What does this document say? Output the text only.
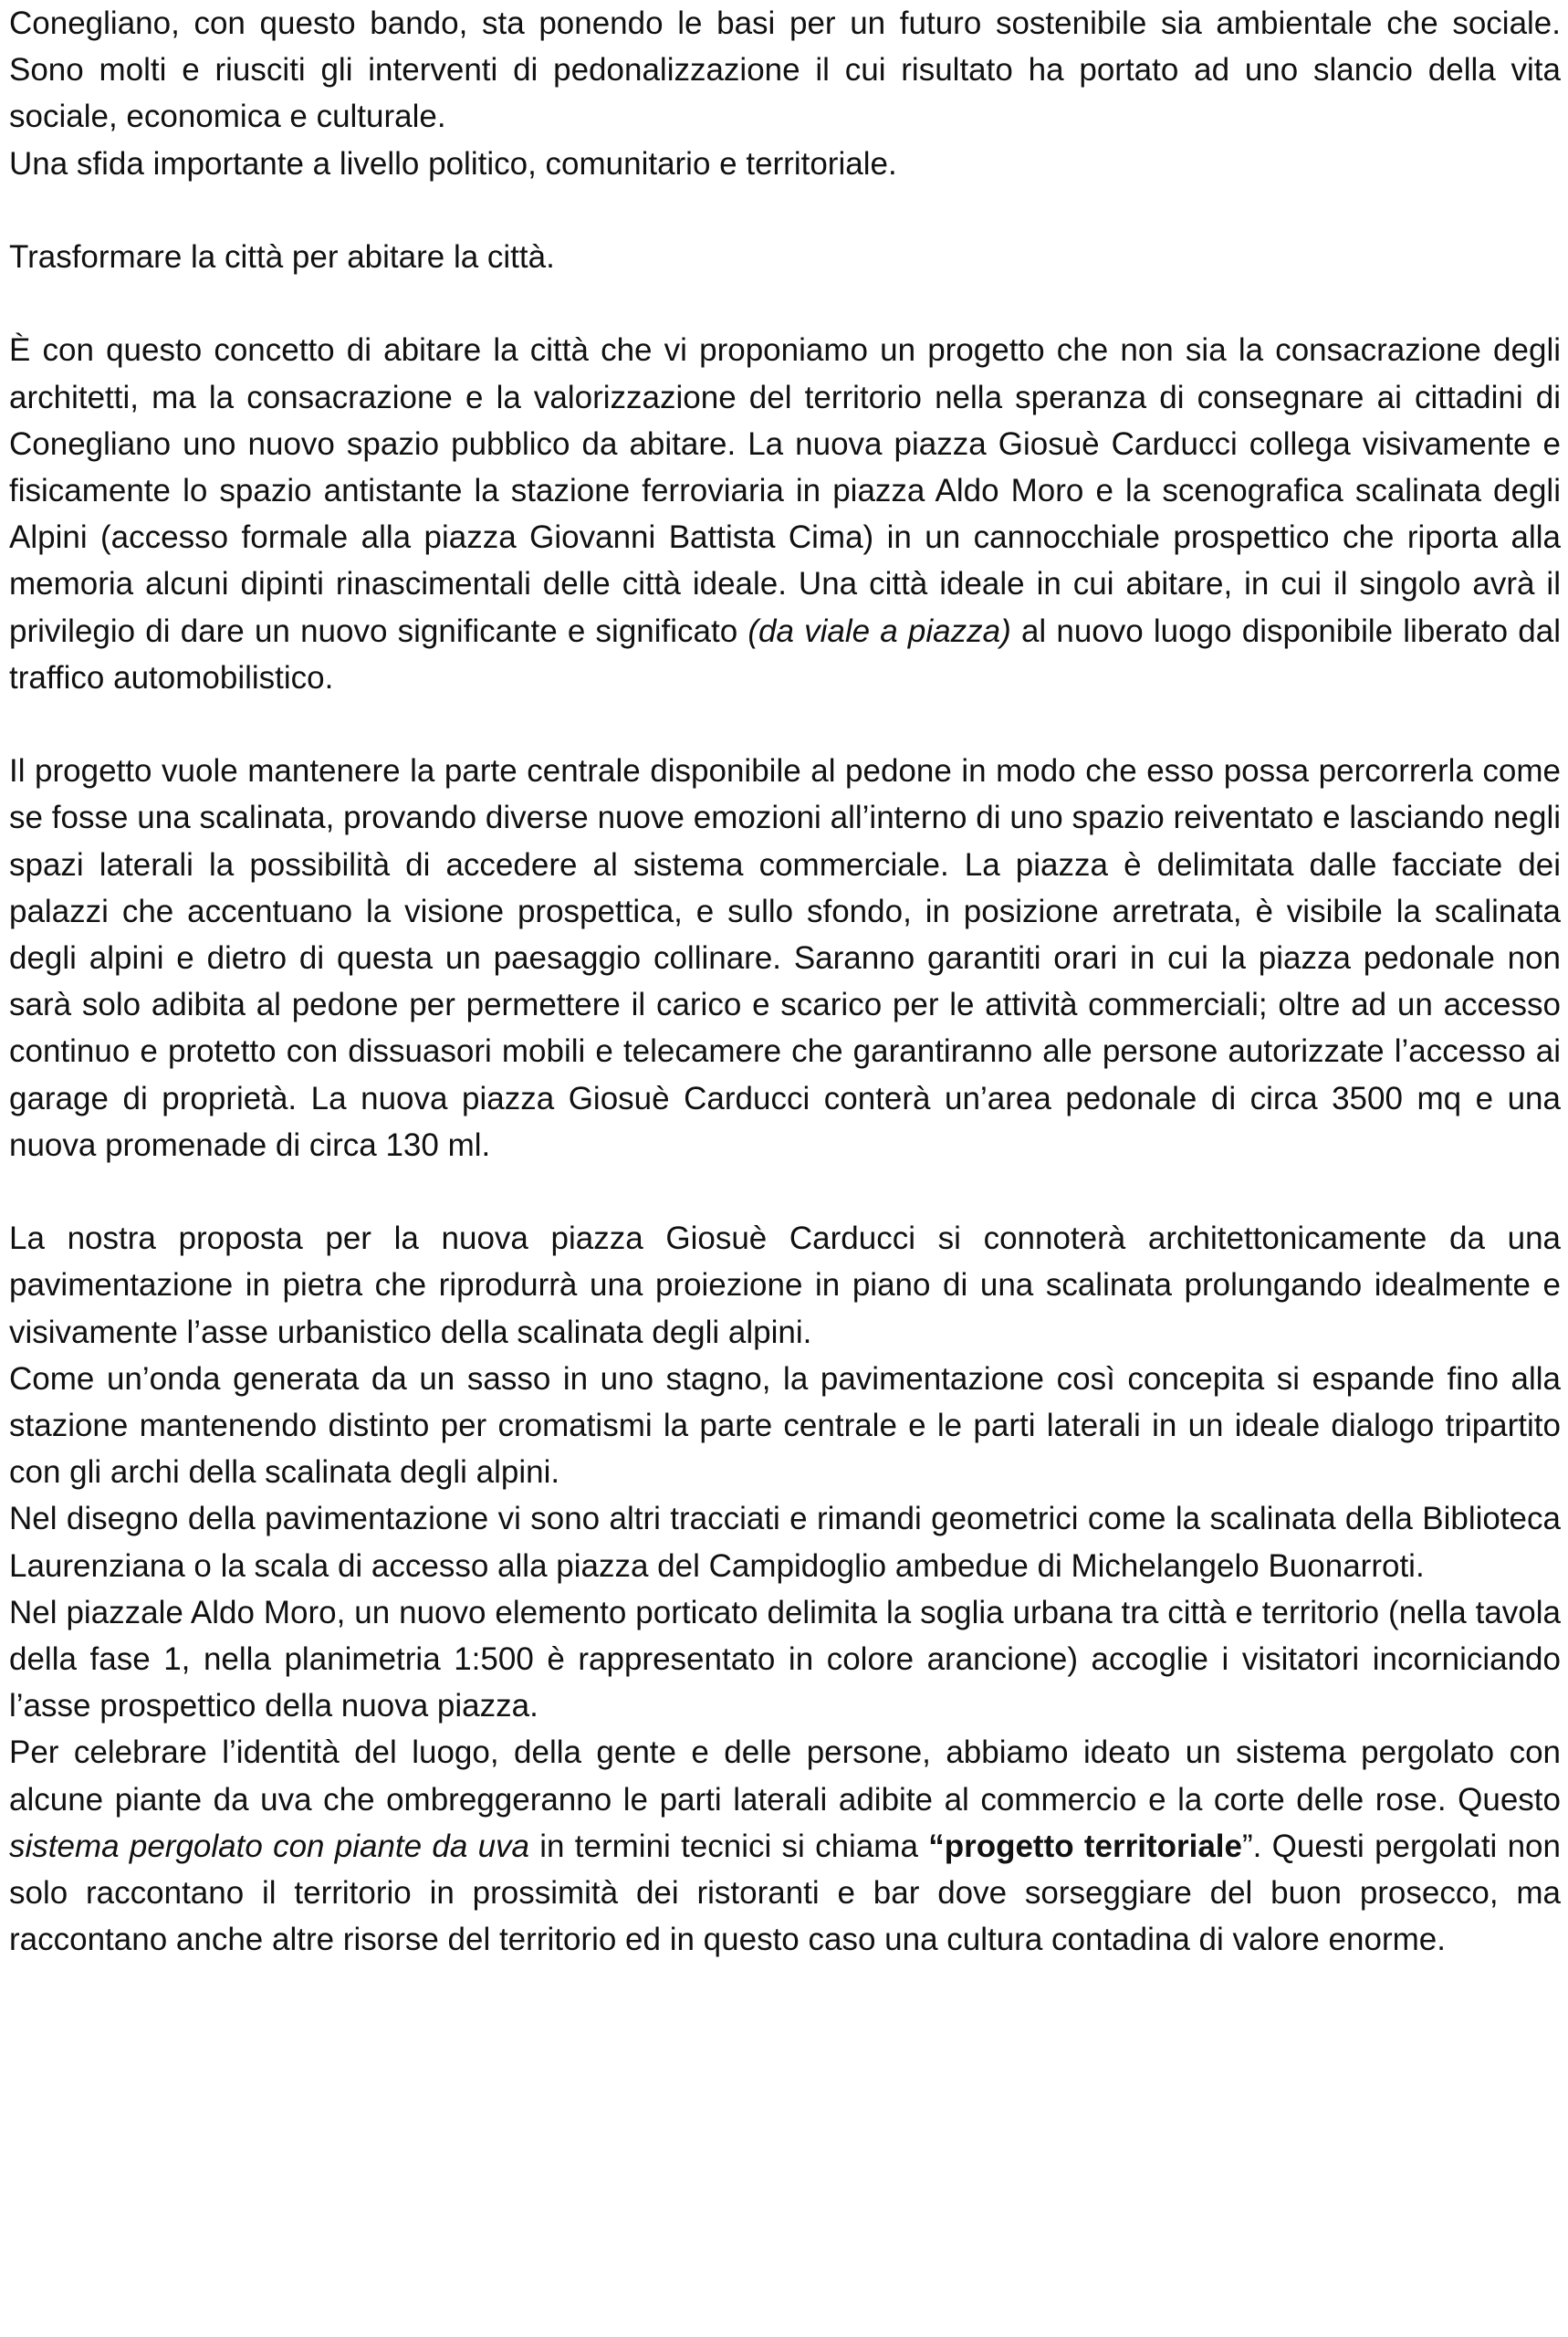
Conegliano, con questo bando, sta ponendo le basi per un futuro sostenibile sia ambientale che sociale. Sono molti e riusciti gli interventi di pedonalizzazione il cui risultato ha portato ad uno slancio della vita sociale, economica e culturale.

Una sfida importante a livello politico, comunitario e territoriale.

Trasformare la città per abitare la città.

È con questo concetto di abitare la città che vi proponiamo un progetto che non sia la consacrazione degli architetti, ma la consacrazione e la valorizzazione del territorio nella speranza di consegnare ai cittadini di Conegliano uno nuovo spazio pubblico da abitare. La nuova piazza Giosuè Carducci collega visivamente e fisicamente lo spazio antistante la stazione ferroviaria in piazza Aldo Moro e la scenografica scalinata degli Alpini (accesso formale alla piazza Giovanni Battista Cima) in un cannocchiale prospettico che riporta alla memoria alcuni dipinti rinascimentali delle città ideale. Una città ideale in cui abitare, in cui il singolo avrà il privilegio di dare un nuovo significante e significato (da viale a piazza) al nuovo luogo disponibile liberato dal traffico automobilistico.

Il progetto vuole mantenere la parte centrale disponibile al pedone in modo che esso possa percorrerla come se fosse una scalinata, provando diverse nuove emozioni all’interno di uno spazio reiventato e lasciando negli spazi laterali la possibilità di accedere al sistema commerciale. La piazza è delimitata dalle facciate dei palazzi che accentuano la visione prospettica, e sullo sfondo, in posizione arretrata, è visibile la scalinata degli alpini e dietro di questa un paesaggio collinare. Saranno garantiti orari in cui la piazza pedonale non sarà solo adibita al pedone per permettere il carico e scarico per le attività commerciali; oltre ad un accesso continuo e protetto con dissuasori mobili e telecamere che garantiranno alle persone autorizzate l’accesso ai garage di proprietà. La nuova piazza Giosuè Carducci conterà un’area pedonale di circa 3500 mq e una nuova promenade di circa 130 ml.

La nostra proposta per la nuova piazza Giosuè Carducci si connoterà architettonicamente da una pavimentazione in pietra che riprodurrà una proiezione in piano di una scalinata prolungando idealmente e visivamente l’asse urbanistico della scalinata degli alpini.

Come un’onda generata da un sasso in uno stagno, la pavimentazione così concepita si espande fino alla stazione mantenendo distinto per cromatismi la parte centrale e le parti laterali in un ideale dialogo tripartito con gli archi della scalinata degli alpini.

Nel disegno della pavimentazione vi sono altri tracciati e rimandi geometrici come la scalinata della Biblioteca Laurenziana o la scala di accesso alla piazza del Campidoglio ambedue di Michelangelo Buonarroti.

Nel piazzale Aldo Moro, un nuovo elemento porticato delimita la soglia urbana tra città e territorio (nella tavola della fase 1, nella planimetria 1:500 è rappresentato in colore arancione) accoglie i visitatori incorniciando l’asse prospettico della nuova piazza.

Per celebrare l’identità del luogo, della gente e delle persone, abbiamo ideato un sistema pergolato con alcune piante da uva che ombreggeranno le parti laterali adibite al commercio e la corte delle rose. Questo sistema pergolato con piante da uva in termini tecnici si chiama “progetto territoriale”. Questi pergolati non solo raccontano il territorio in prossimità dei ristoranti e bar dove sorseggiare del buon prosecco, ma raccontano anche altre risorse del territorio ed in questo caso una cultura contadina di valore enorme.
